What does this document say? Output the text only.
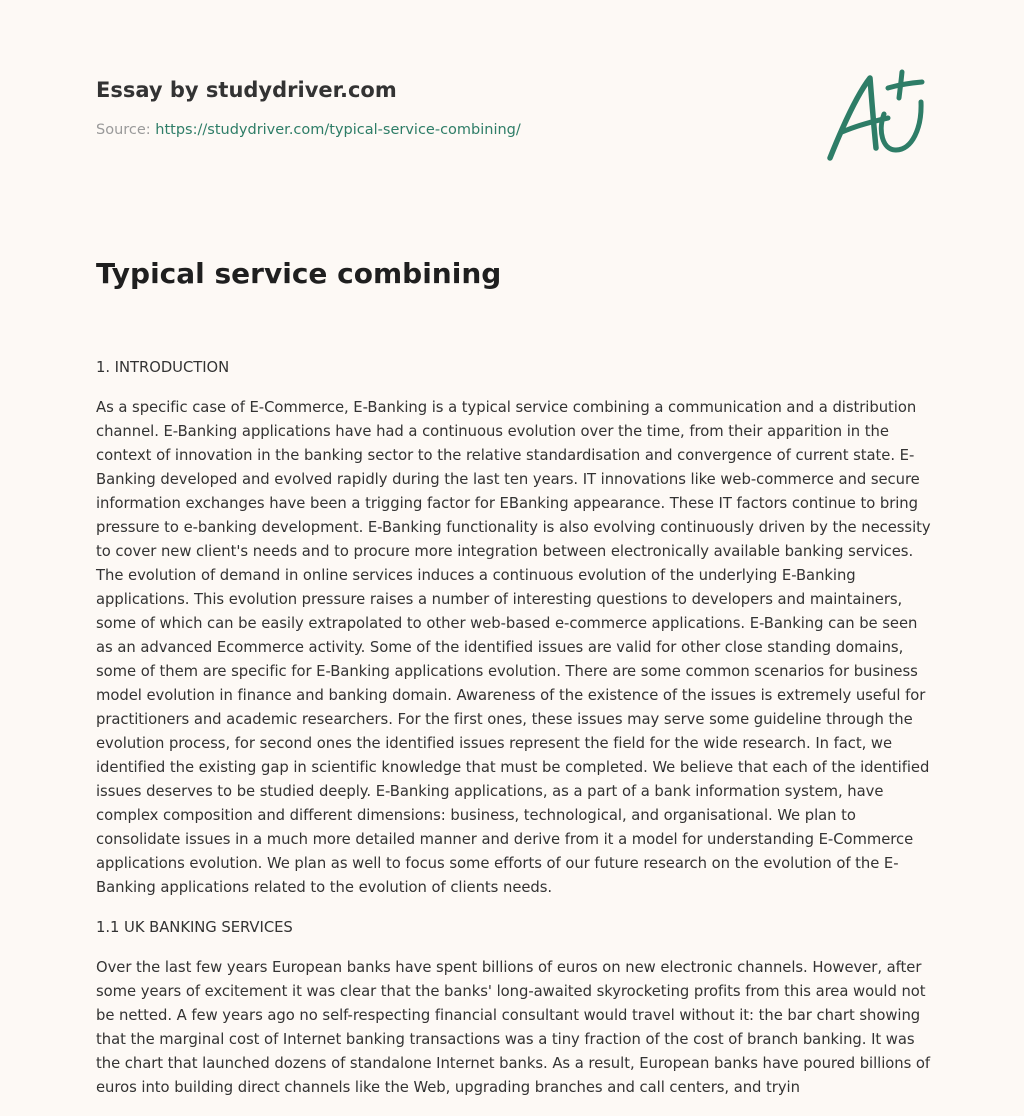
Essay by studydriver.com
Source: https://studydriver.com/typical-service-combining/
Typical service combining

1. INTRODUCTION

As a specific case of E-Commerce, E-Banking is a typical service combining a communication and a distribution channel. E-Banking applications have had a continuous evolution over the time, from their apparition in the context of innovation in the banking sector to the relative standardisation and convergence of current state. E-Banking developed and evolved rapidly during the last ten years. IT innovations like web-commerce and secure information exchanges have been a trigging factor for EBanking appearance. These IT factors continue to bring pressure to e-banking development. E-Banking functionality is also evolving continuously driven by the necessity to cover new client's needs and to procure more integration between electronically available banking services. The evolution of demand in online services induces a continuous evolution of the underlying E-Banking applications. This evolution pressure raises a number of interesting questions to developers and maintainers, some of which can be easily extrapolated to other web-based e-commerce applications. E-Banking can be seen as an advanced Ecommerce activity. Some of the identified issues are valid for other close standing domains, some of them are specific for E-Banking applications evolution. There are some common scenarios for business model evolution in finance and banking domain. Awareness of the existence of the issues is extremely useful for practitioners and academic researchers. For the first ones, these issues may serve some guideline through the evolution process, for second ones the identified issues represent the field for the wide research. In fact, we identified the existing gap in scientific knowledge that must be completed. We believe that each of the identified issues deserves to be studied deeply. E-Banking applications, as a part of a bank information system, have complex composition and different dimensions: business, technological, and organisational. We plan to consolidate issues in a much more detailed manner and derive from it a model for understanding E-Commerce applications evolution. We plan as well to focus some efforts of our future research on the evolution of the E-Banking applications related to the evolution of clients needs.

1.1 UK BANKING SERVICES

Over the last few years European banks have spent billions of euros on new electronic channels. However, after some years of excitement it was clear that the banks' long-awaited skyrocketing profits from this area would not be netted. A few years ago no self-respecting financial consultant would travel without it: the bar chart showing that the marginal cost of Internet banking transactions was a tiny fraction of the cost of branch banking. It was the chart that launched dozens of standalone Internet banks. As a result, European banks have poured billions of euros into building direct channels like the Web, upgrading branches and call centers, and tryin
